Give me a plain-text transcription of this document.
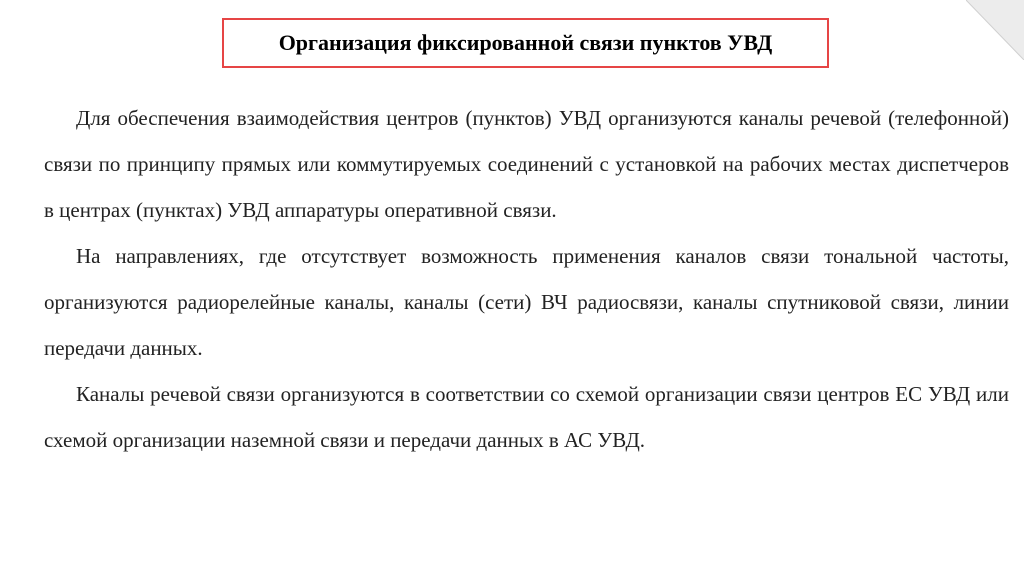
Организация фиксированной связи пунктов УВД

Для обеспечения взаимодействия центров (пунктов) УВД организуются каналы речевой (телефонной) связи по принципу прямых или коммутируемых соединений с установкой на рабочих местах диспетчеров в центрах (пунктах) УВД аппаратуры оперативной связи.

На направлениях, где отсутствует возможность применения каналов связи тональной частоты, организуются радиорелейные каналы, каналы (сети) ВЧ радиосвязи, каналы спутниковой связи, линии передачи данных.

Каналы речевой связи организуются в соответствии со схемой организации связи центров ЕС УВД или схемой организации наземной связи и передачи данных в АС УВД.
